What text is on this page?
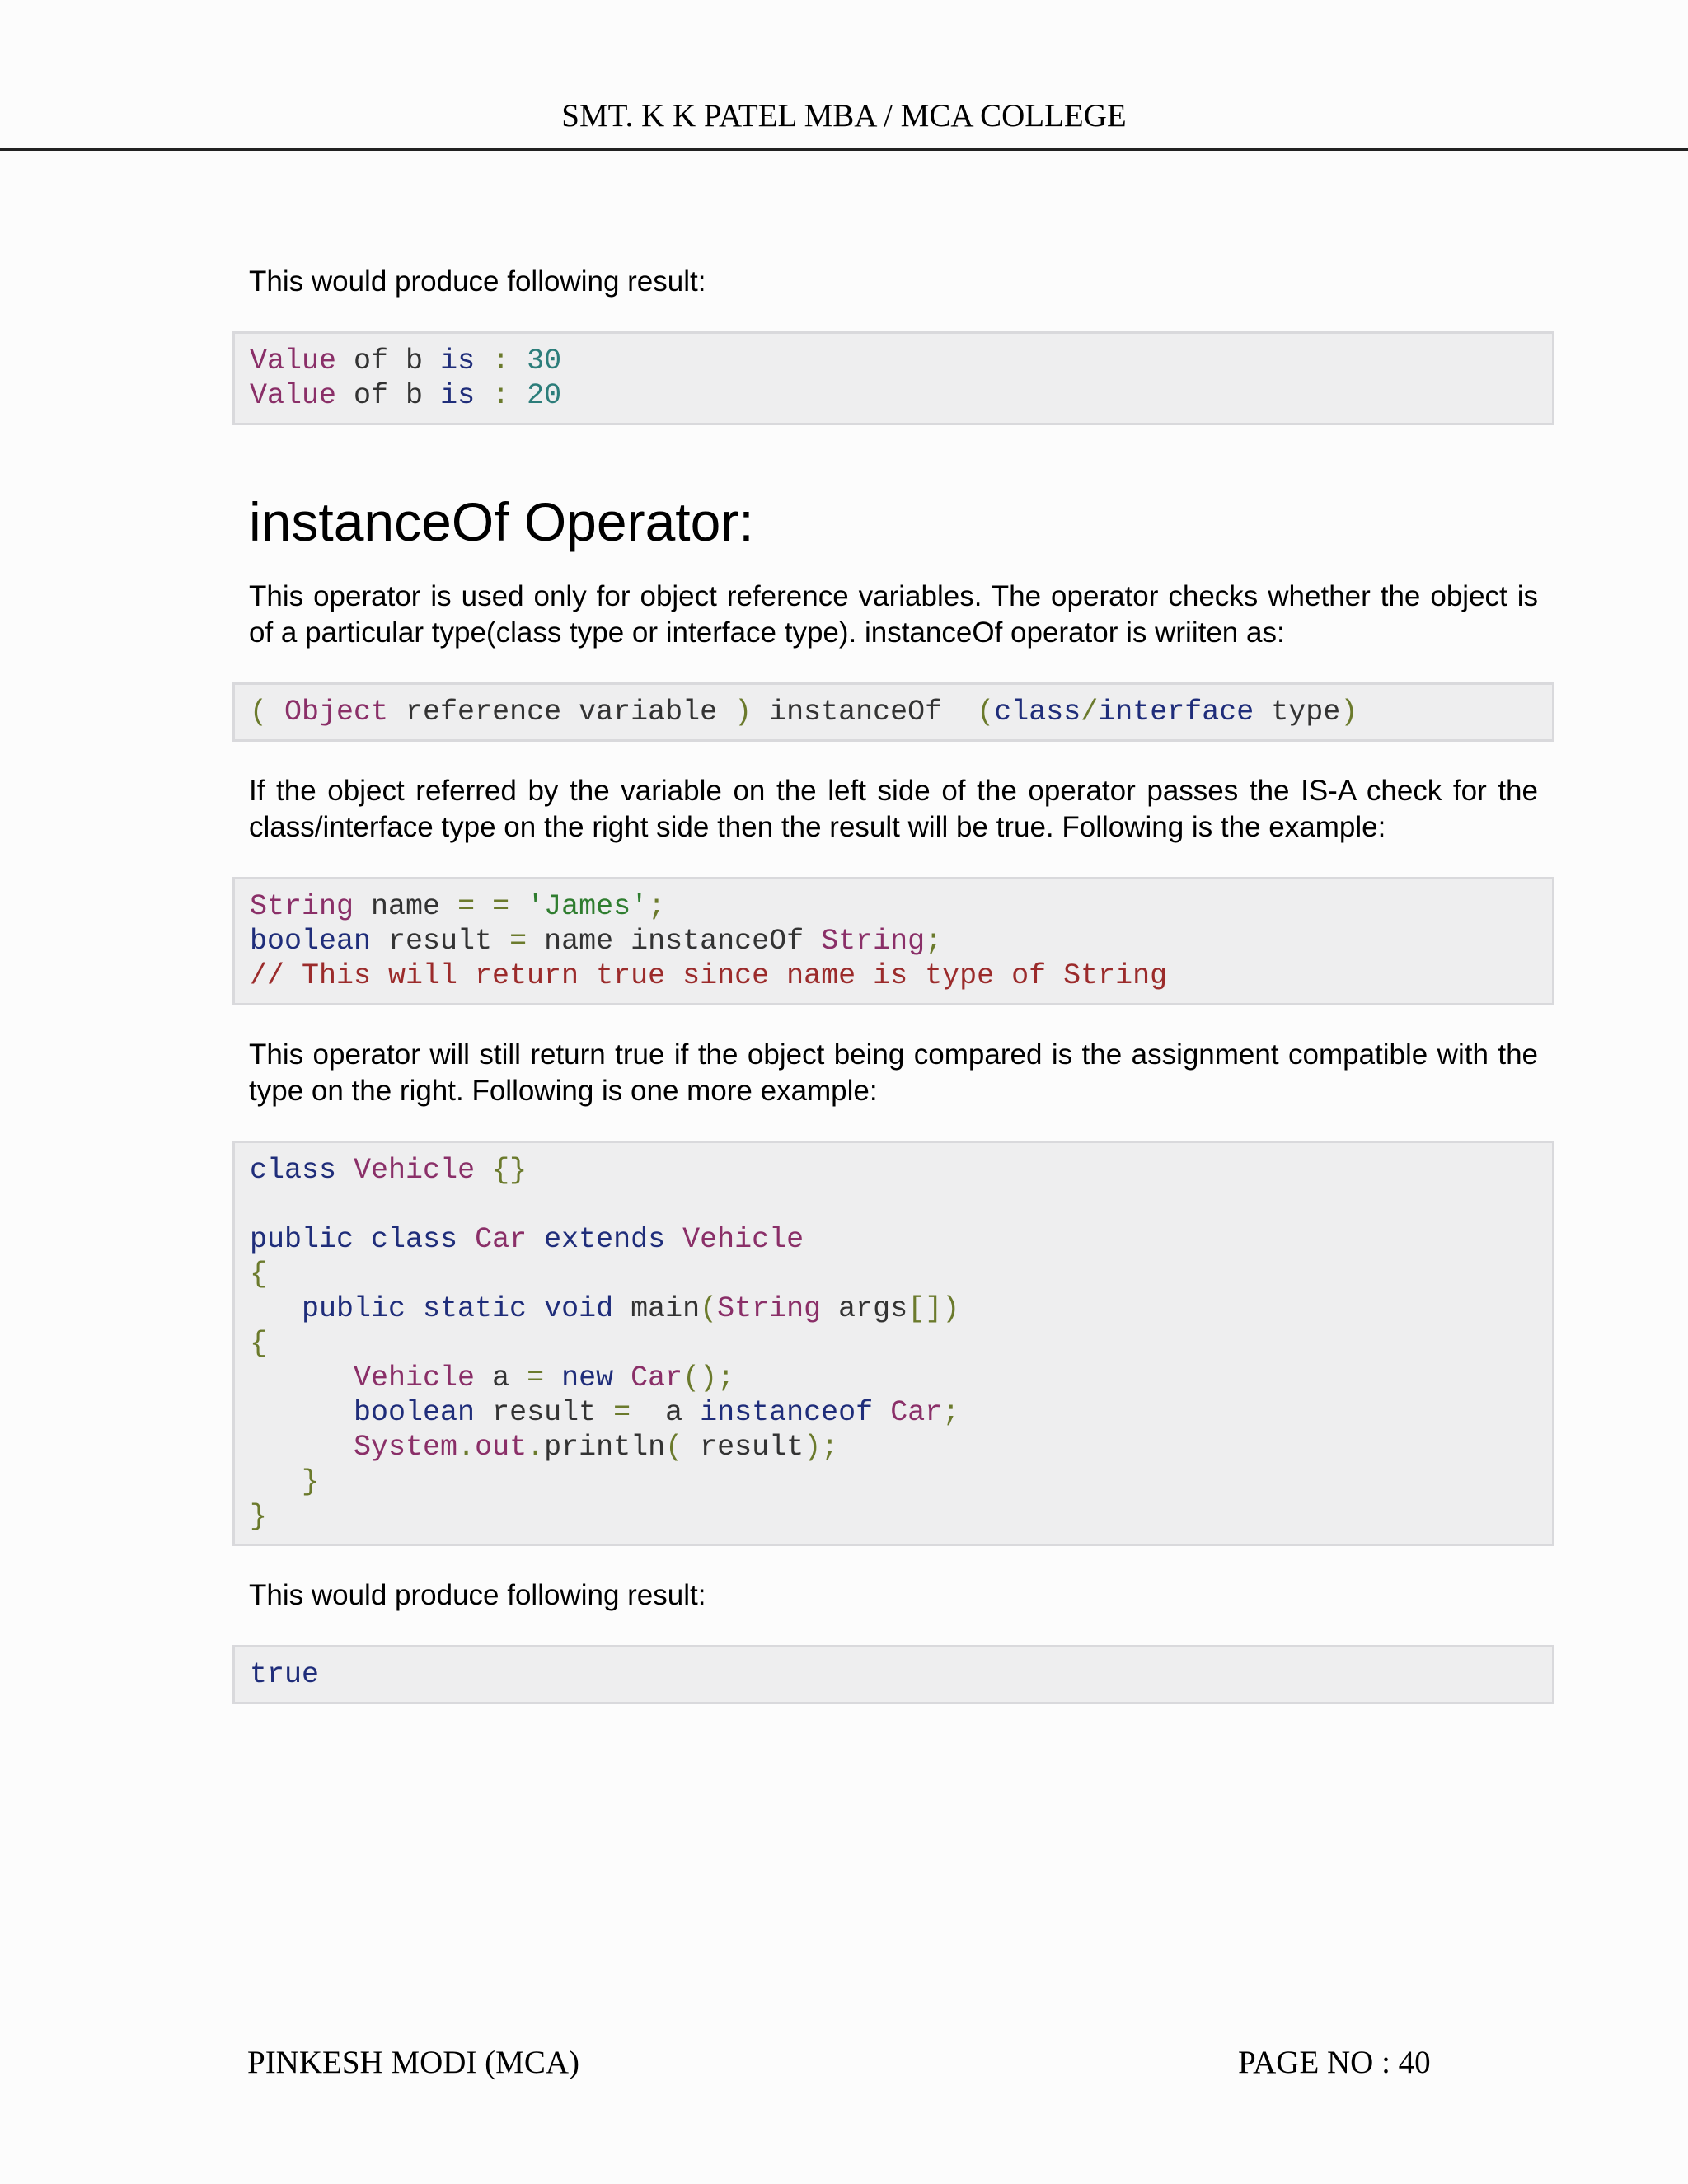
SMT. K K PATEL MBA / MCA COLLEGE

This would produce following result:

Value of b is : 30
Value of b is : 20
instanceOf Operator:

This operator is used only for object reference variables. The operator checks whether the object is of a particular type(class type or interface type). instanceOf operator is wriiten as:

( Object reference variable ) instanceOf  (class/interface type)

If the object referred by the variable on the left side of the operator passes the IS-A check for the class/interface type on the right side then the result will be true. Following is the example:

String name = = 'James';
boolean result = name instanceOf String;
// This will return true since name is type of String

This operator will still return true if the object being compared is the assignment compatible with the type on the right. Following is one more example:

class Vehicle {}

public class Car extends Vehicle
{
public static void main(String args[])
{
Vehicle a = new Car();
boolean result =  a instanceof Car;
System.out.println( result);
}
}

This would produce following result:

true
PINKESH MODI (MCA)	PAGE NO : 40
